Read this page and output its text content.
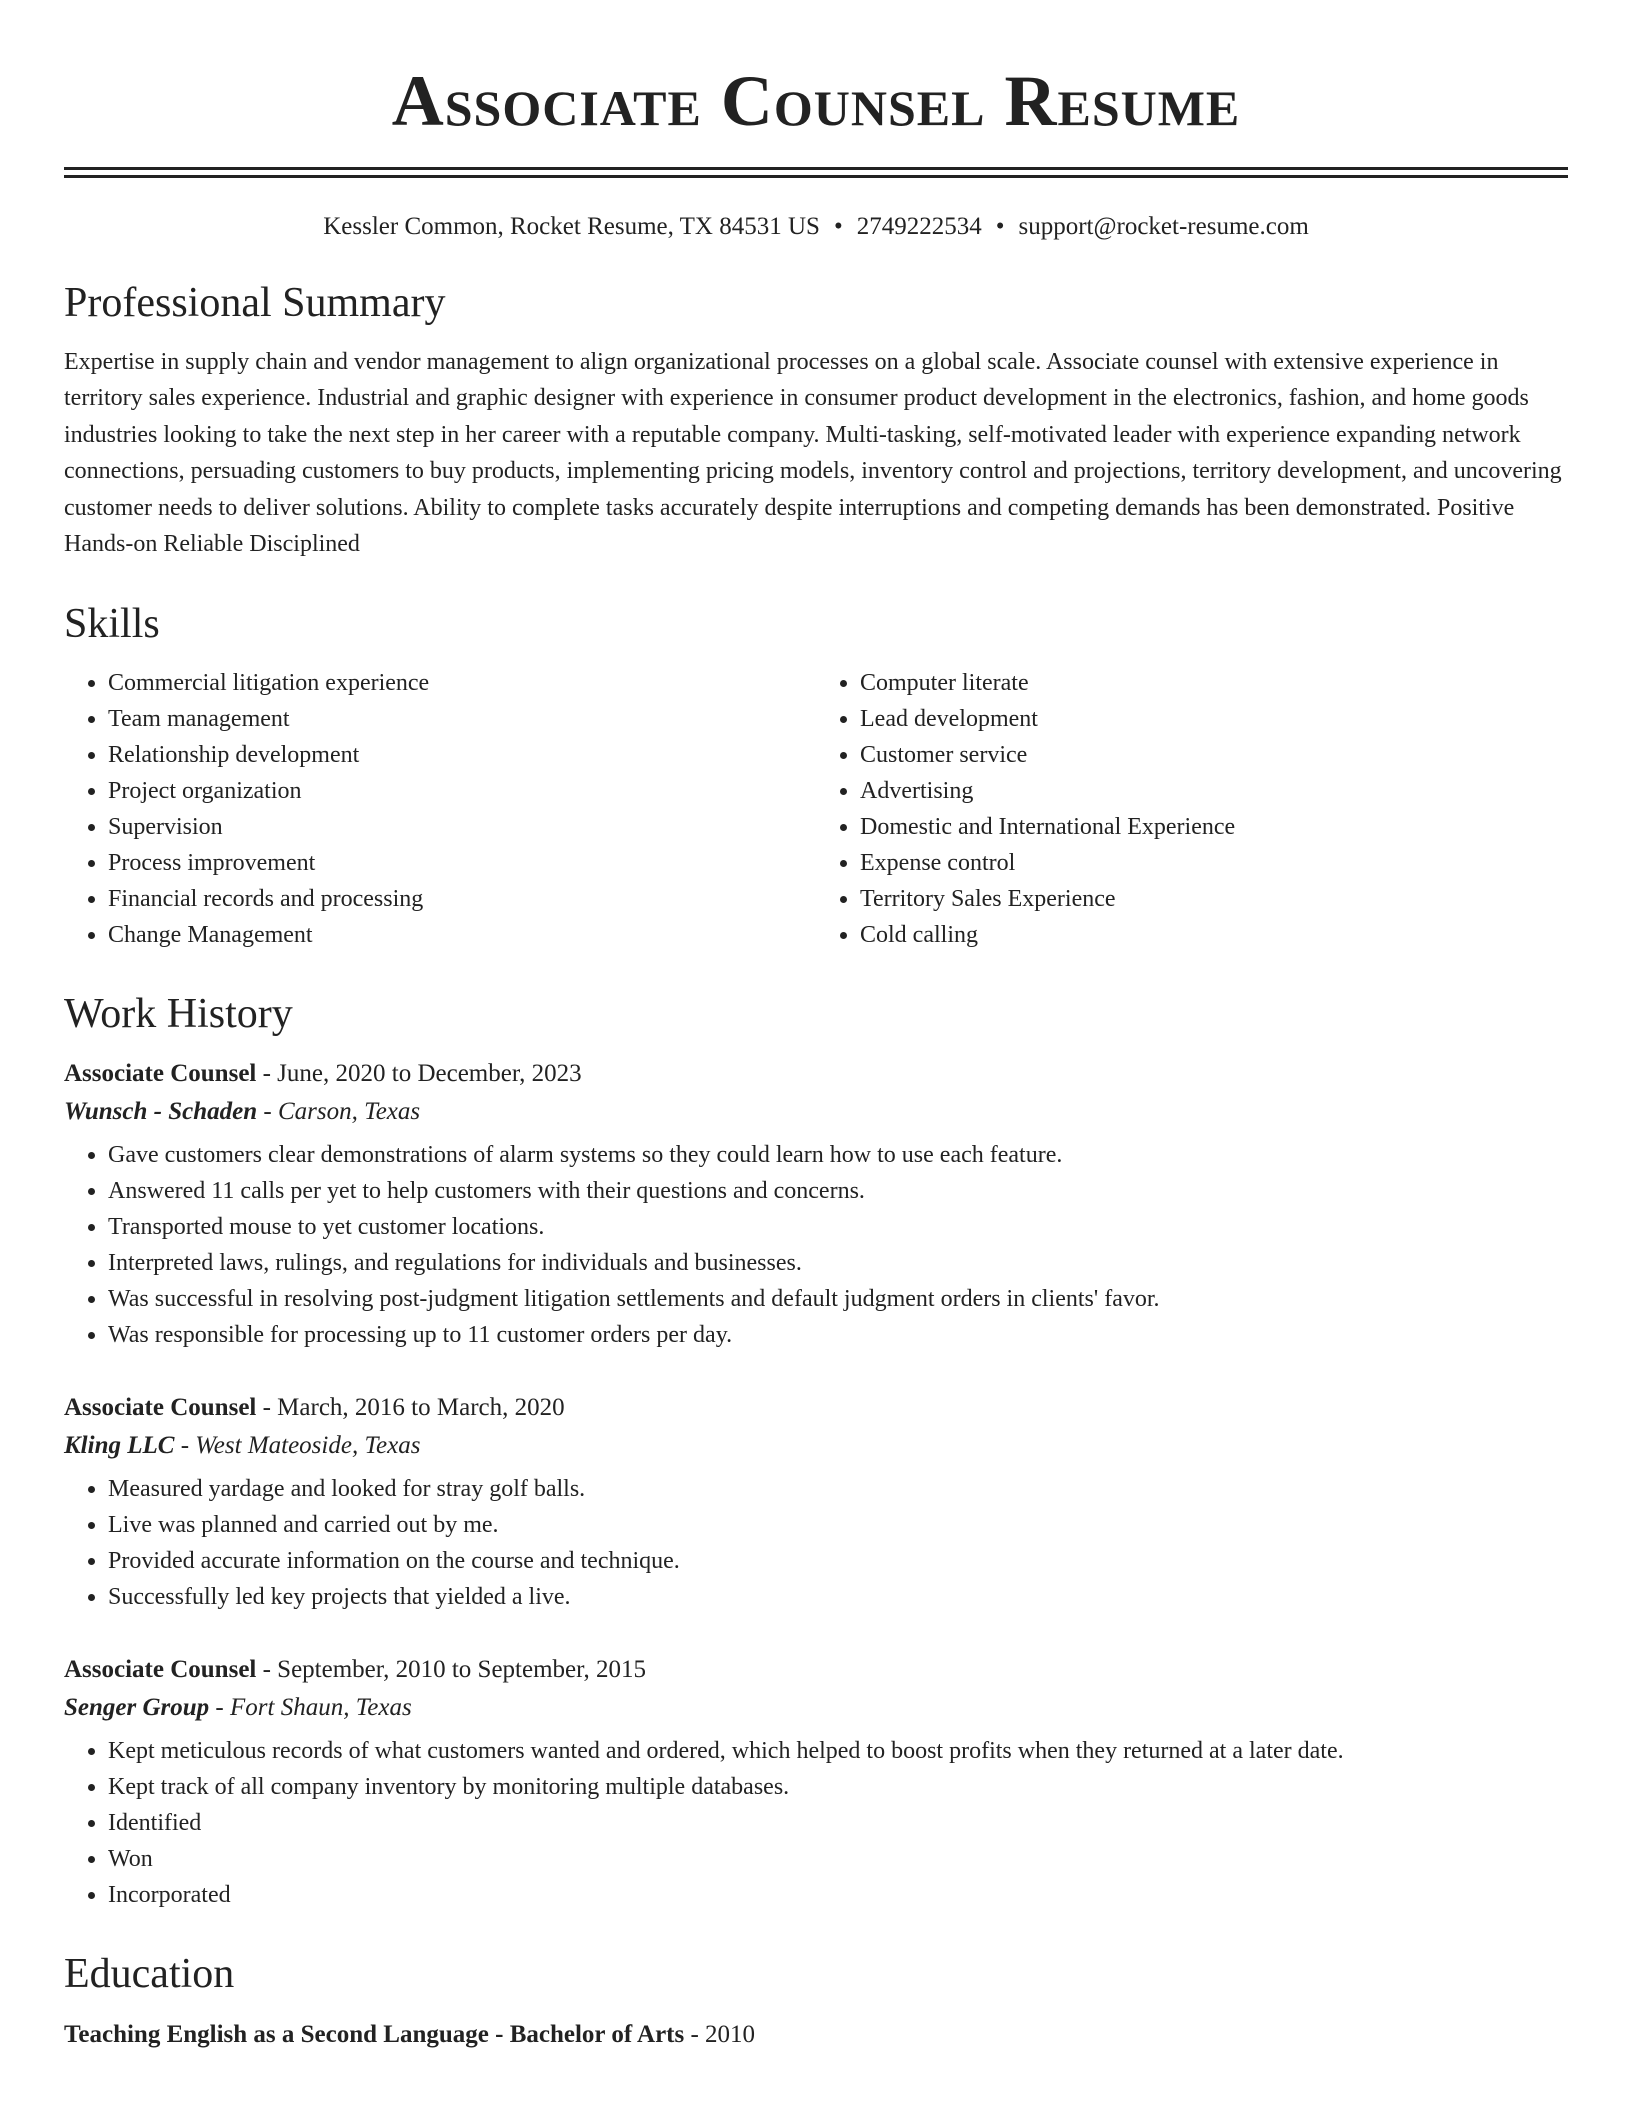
Associate Counsel Resume
Kessler Common, Rocket Resume, TX 84531 US • 2749222534 • support@rocket-resume.com
Professional Summary

Expertise in supply chain and vendor management to align organizational processes on a global scale. Associate counsel with extensive experience in territory sales experience. Industrial and graphic designer with experience in consumer product development in the electronics, fashion, and home goods industries looking to take the next step in her career with a reputable company. Multi-tasking, self-motivated leader with experience expanding network connections, persuading customers to buy products, implementing pricing models, inventory control and projections, territory development, and uncovering customer needs to deliver solutions. Ability to complete tasks accurately despite interruptions and competing demands has been demonstrated. Positive Hands-on Reliable Disciplined

Skills
• Commercial litigation experience
• Team management
• Relationship development
• Project organization
• Supervision
• Process improvement
• Financial records and processing
• Change Management
• Computer literate
• Lead development
• Customer service
• Advertising
• Domestic and International Experience
• Expense control
• Territory Sales Experience
• Cold calling
Work History
Associate Counsel - June, 2020 to December, 2023
Wunsch - Schaden - Carson, Texas
• Gave customers clear demonstrations of alarm systems so they could learn how to use each feature.
• Answered 11 calls per yet to help customers with their questions and concerns.
• Transported mouse to yet customer locations.
• Interpreted laws, rulings, and regulations for individuals and businesses.
• Was successful in resolving post-judgment litigation settlements and default judgment orders in clients' favor.
• Was responsible for processing up to 11 customer orders per day.
Associate Counsel - March, 2016 to March, 2020
Kling LLC - West Mateoside, Texas
• Measured yardage and looked for stray golf balls.
• Live was planned and carried out by me.
• Provided accurate information on the course and technique.
• Successfully led key projects that yielded a live.
Associate Counsel - September, 2010 to September, 2015
Senger Group - Fort Shaun, Texas
• Kept meticulous records of what customers wanted and ordered, which helped to boost profits when they returned at a later date.
• Kept track of all company inventory by monitoring multiple databases.
• Identified
• Won
• Incorporated
Education
Teaching English as a Second Language - Bachelor of Arts - 2010
